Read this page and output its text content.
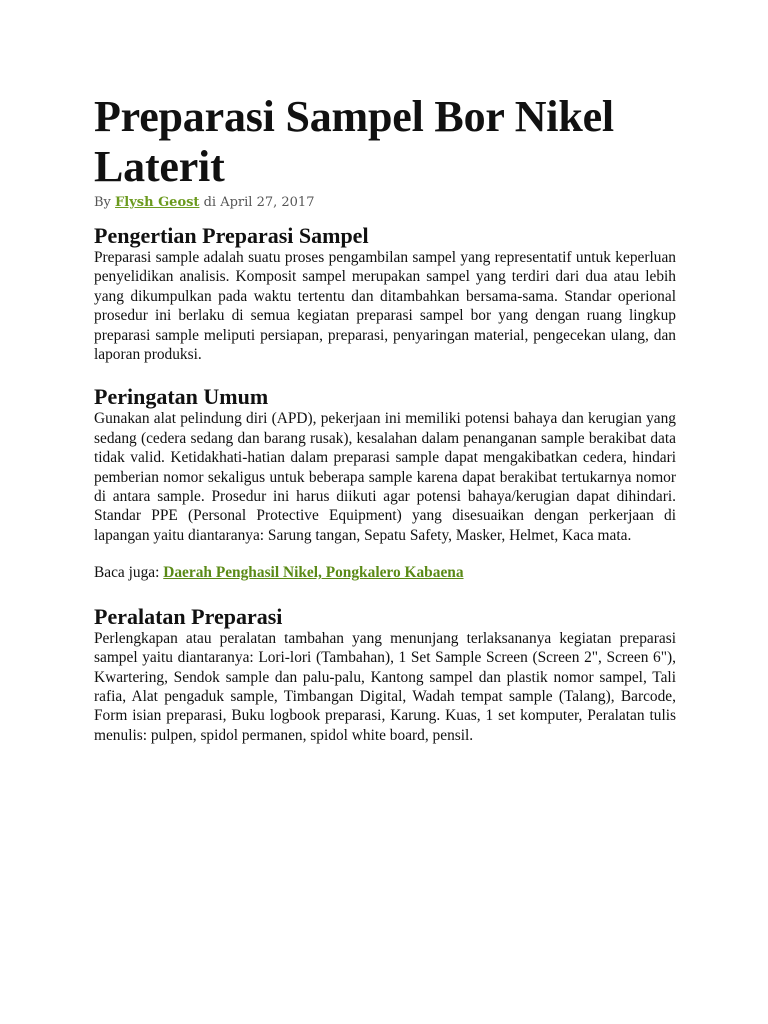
Preparasi Sampel Bor Nikel Laterit
By Flysh Geost di April 27, 2017
Pengertian Preparasi Sampel

Preparasi sample adalah suatu proses pengambilan sampel yang representatif untuk keperluan penyelidikan analisis. Komposit sampel merupakan sampel yang terdiri dari dua atau lebih yang dikumpulkan pada waktu tertentu dan ditambahkan bersama-sama. Standar operional prosedur ini berlaku di semua kegiatan preparasi sampel bor yang dengan ruang lingkup preparasi sample meliputi persiapan, preparasi, penyaringan material, pengecekan ulang, dan laporan produksi.

Peringatan Umum

Gunakan alat pelindung diri (APD), pekerjaan ini memiliki potensi bahaya dan kerugian yang sedang (cedera sedang dan barang rusak), kesalahan dalam penanganan sample berakibat data tidak valid. Ketidakhati-hatian dalam preparasi sample dapat mengakibatkan cedera, hindari pemberian nomor sekaligus untuk beberapa sample karena dapat berakibat tertukarnya nomor di antara sample. Prosedur ini harus diikuti agar potensi bahaya/kerugian dapat dihindari. Standar PPE (Personal Protective Equipment) yang disesuaikan dengan perkerjaan di lapangan yaitu diantaranya: Sarung tangan, Sepatu Safety, Masker, Helmet, Kaca mata.

Baca juga: Daerah Penghasil Nikel, Pongkalero Kabaena

Peralatan Preparasi

Perlengkapan atau peralatan tambahan yang menunjang terlaksananya kegiatan preparasi sampel yaitu diantaranya: Lori-lori (Tambahan), 1 Set Sample Screen (Screen 2", Screen 6"), Kwartering, Sendok sample dan palu-palu, Kantong sampel dan plastik nomor sampel, Tali rafia, Alat pengaduk sample, Timbangan Digital, Wadah tempat sample (Talang), Barcode, Form isian preparasi, Buku logbook preparasi, Karung. Kuas, 1 set komputer, Peralatan tulis menulis: pulpen, spidol permanen, spidol white board, pensil.
